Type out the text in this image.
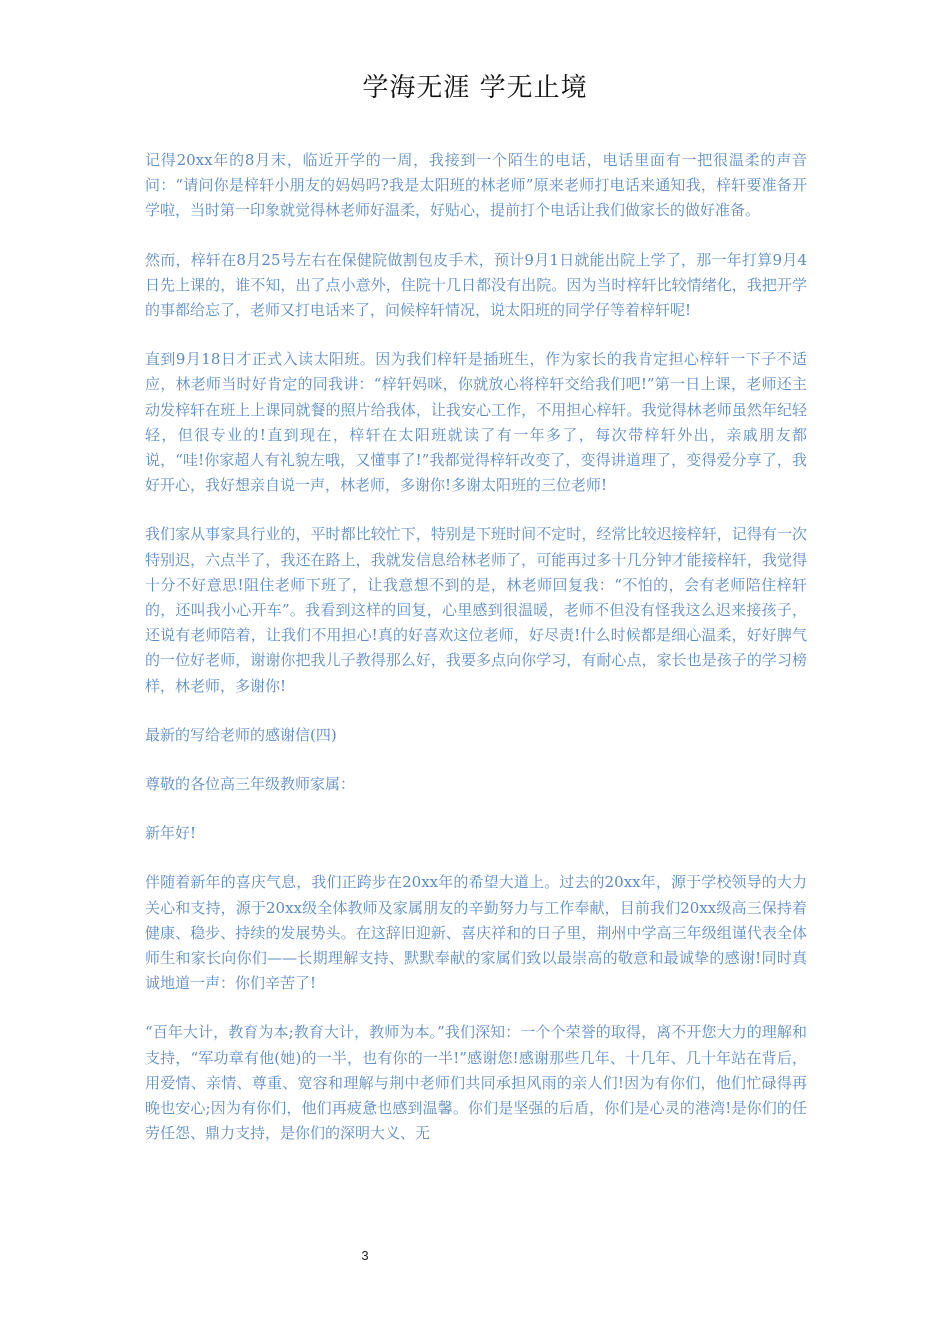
学海无涯 学无止境

记得20xx年的8月末，临近开学的一周，我接到一个陌生的电话，电话里面有一把很温柔的声音问：“请问你是梓轩小朋友的妈妈吗?我是太阳班的林老师”原来老师打电话来通知我，梓轩要准备开学啦，当时第一印象就觉得林老师好温柔，好贴心，提前打个电话让我们做家长的做好准备。

然而，梓轩在8月25号左右在保健院做割包皮手术，预计9月1日就能出院上学了，那一年打算9月4日先上课的，谁不知，出了点小意外，住院十几日都没有出院。因为当时梓轩比较情绪化，我把开学的事都给忘了，老师又打电话来了，问候梓轩情况，说太阳班的同学仔等着梓轩呢!

直到9月18日才正式入读太阳班。因为我们梓轩是插班生，作为家长的我肯定担心梓轩一下子不适应，林老师当时好肯定的同我讲：“梓轩妈咪，你就放心将梓轩交给我们吧!”第一日上课，老师还主动发梓轩在班上上课同就餐的照片给我体，让我安心工作，不用担心梓轩。我觉得林老师虽然年纪轻轻，但很专业的!直到现在，梓轩在太阳班就读了有一年多了，每次带梓轩外出，亲戚朋友都说，“哇!你家超人有礼貌左哦，又懂事了!”我都觉得梓轩改变了，变得讲道理了，变得爱分享了，我好开心，我好想亲自说一声，林老师，多谢你!多谢太阳班的三位老师!

我们家从事家具行业的，平时都比较忙下，特别是下班时间不定时，经常比较迟接梓轩，记得有一次特别迟，六点半了，我还在路上，我就发信息给林老师了，可能再过多十几分钟才能接梓轩，我觉得十分不好意思!阻住老师下班了，让我意想不到的是，林老师回复我：“不怕的，会有老师陪住梓轩的，还叫我小心开车”。我看到这样的回复，心里感到很温暖，老师不但没有怪我这么迟来接孩子，还说有老师陪着，让我们不用担心!真的好喜欢这位老师，好尽责!什么时候都是细心温柔，好好脾气的一位好老师，谢谢你把我儿子教得那么好，我要多点向你学习，有耐心点，家长也是孩子的学习榜样，林老师，多谢你!

最新的写给老师的感谢信(四)

尊敬的各位高三年级教师家属：

新年好!

伴随着新年的喜庆气息，我们正跨步在20xx年的希望大道上。过去的20xx年，源于学校领导的大力关心和支持，源于20xx级全体教师及家属朋友的辛勤努力与工作奉献，目前我们20xx级高三保持着健康、稳步、持续的发展势头。在这辞旧迎新、喜庆祥和的日子里，荆州中学高三年级组谨代表全体师生和家长向你们——长期理解支持、默默奉献的家属们致以最崇高的敬意和最诚挚的感谢!同时真诚地道一声：你们辛苦了!

“百年大计，教育为本;教育大计，教师为本。”我们深知：一个个荣誉的取得，离不开您大力的理解和支持，“军功章有他(她)的一半，也有你的一半!”感谢您!感谢那些几年、十几年、几十年站在背后，用爱情、亲情、尊重、宽容和理解与荆中老师们共同承担风雨的亲人们!因为有你们，他们忙碌得再晚也安心;因为有你们，他们再疲惫也感到温馨。你们是坚强的后盾，你们是心灵的港湾!是你们的任劳任怨、鼎力支持，是你们的深明大义、无

3
